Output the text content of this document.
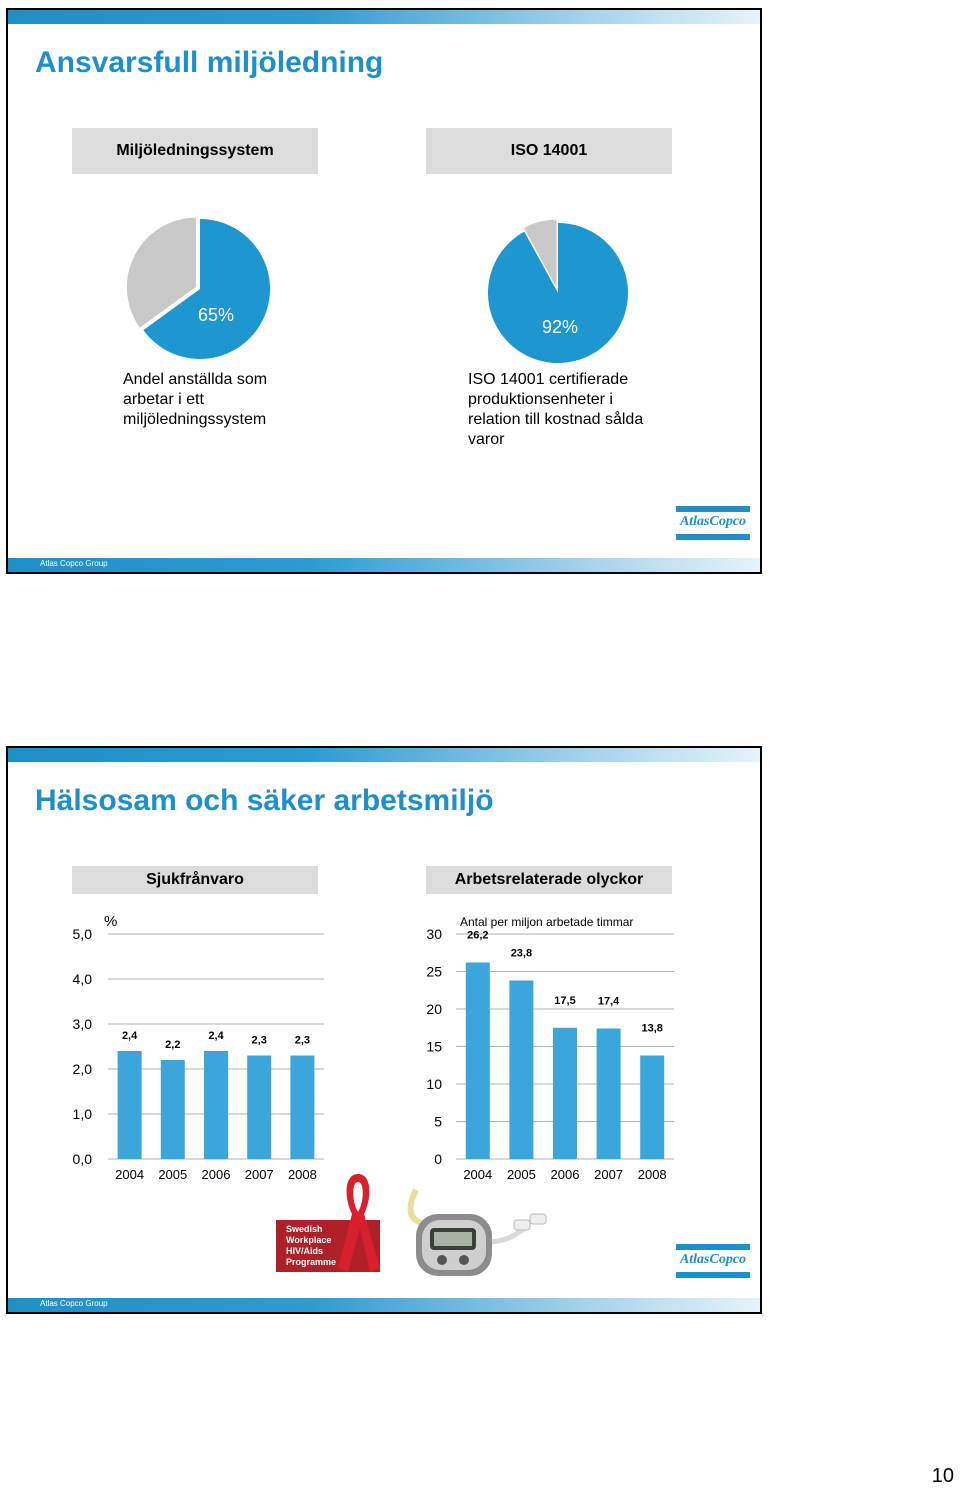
Ansvarsfull miljöledning
Miljöledningssystem	ISO 14001
65%
92%
Andel anställda som arbetar i ett miljöledningssystem
ISO 14001 certifierade produktionsenheter i relation till kostnad sålda varor
AtlasCopco
Atlas Copco Group
Hälsosam och säker arbetsmiljö
Sjukfrånvaro	Arbetsrelaterade olyckor
0,0
1,0
2,0
3,0
4,0
5,0
2,4
2004
2,2
2005
2,4
2006
2,3
2007
2,3
2008
%
0
5
10
15
20
25
30 26,2
2004
23,8
2005
17,5
2006
17,4
2007
13,8
2008
Antal per miljon arbetade timmar
Swedish
Workplace
HIV/Aids
Programme	AtlasCopco
Atlas Copco Group
10
